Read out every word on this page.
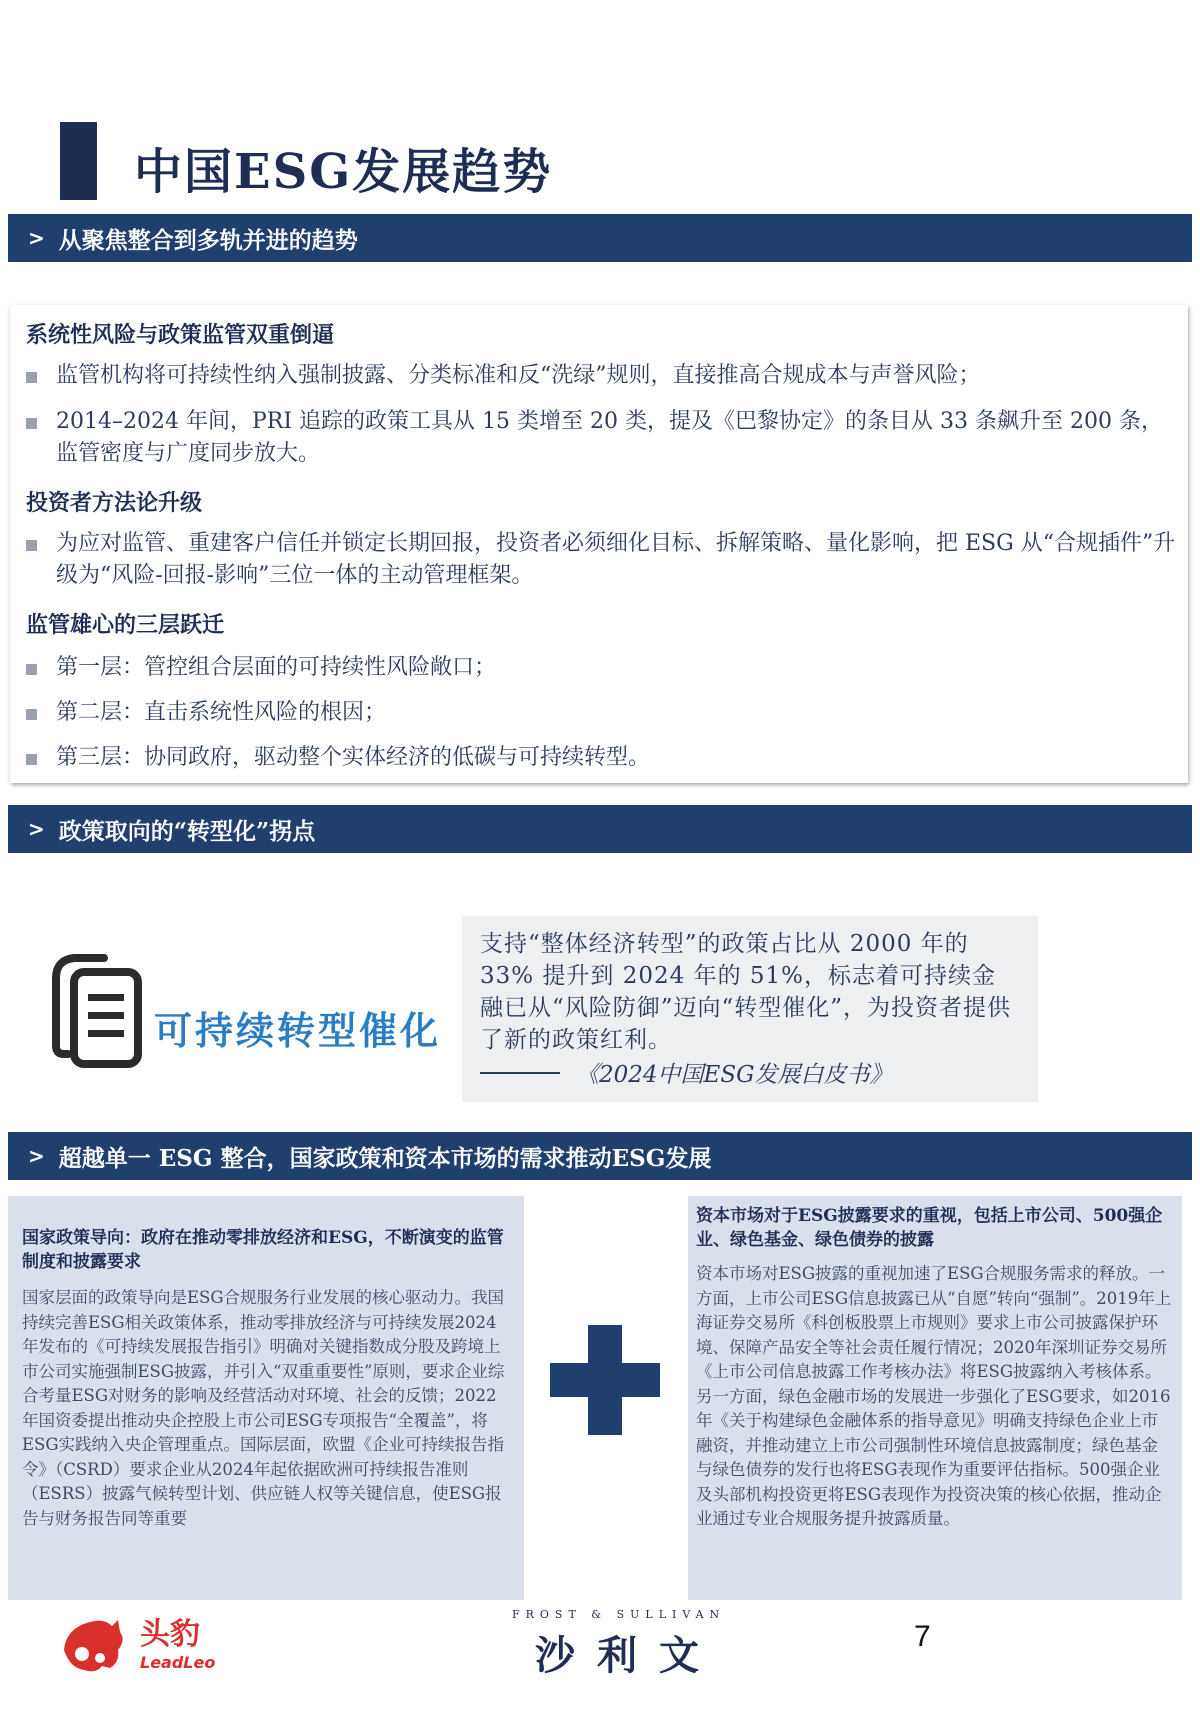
中国ESG发展趋势
> 从聚焦整合到多轨并进的趋势
系统性风险与政策监管双重倒逼
监管机构将可持续性纳入强制披露、分类标准和反“洗绿”规则，直接推高合规成本与声誉风险；
2014–2024 年间，PRI 追踪的政策工具从 15 类增至 20 类，提及《巴黎协定》的条目从 33 条飙升至 200 条，监管密度与广度同步放大。
投资者方法论升级
为应对监管、重建客户信任并锁定长期回报，投资者必须细化目标、拆解策略、量化影响，把 ESG 从“合规插件”升级为“风险-回报-影响”三位一体的主动管理框架。
监管雄心的三层跃迁
第一层：管控组合层面的可持续性风险敞口；
第二层：直击系统性风险的根因；
第三层：协同政府，驱动整个实体经济的低碳与可持续转型。
> 政策取向的“转型化”拐点
可持续转型催化
支持“整体经济转型”的政策占比从 2000 年的 33% 提升到 2024 年的 51%，标志着可持续金融已从“风险防御”迈向“转型催化”，为投资者提供了新的政策红利。
《2024中国ESG发展白皮书》
> 超越单一 ESG 整合，国家政策和资本市场的需求推动ESG发展
国家政策导向：政府在推动零排放经济和ESG，不断演变的监管制度和披露要求
国家层面的政策导向是ESG合规服务行业发展的核心驱动力。我国持续完善ESG相关政策体系，推动零排放经济与可持续发展2024年发布的《可持续发展报告指引》明确对关键指数成分股及跨境上市公司实施强制ESG披露，并引入“双重重要性”原则，要求企业综合考量ESG对财务的影响及经营活动对环境、社会的反馈；2022年国资委提出推动央企控股上市公司ESG专项报告“全覆盖”，将ESG实践纳入央企管理重点。国际层面，欧盟《企业可持续报告指令》（CSRD）要求企业从2024年起依据欧洲可持续报告准则（ESRS）披露气候转型计划、供应链人权等关键信息，使ESG报告与财务报告同等重要
资本市场对于ESG披露要求的重视，包括上市公司、500强企业、绿色基金、绿色债券的披露
资本市场对ESG披露的重视加速了ESG合规服务需求的释放。一方面，上市公司ESG信息披露已从“自愿”转向“强制”。2019年上海证券交易所《科创板股票上市规则》要求上市公司披露保护环境、保障产品安全等社会责任履行情况；2020年深圳证券交易所《上市公司信息披露工作考核办法》将ESG披露纳入考核体系。另一方面，绿色金融市场的发展进一步强化了ESG要求，如2016年《关于构建绿色金融体系的指导意见》明确支持绿色企业上市融资，并推动建立上市公司强制性环境信息披露制度；绿色基金与绿色债券的发行也将ESG表现作为重要评估指标。500强企业及头部机构投资更将ESG表现作为投资决策的核心依据，推动企业通过专业合规服务提升披露质量。
头豹
LeadLeo
FROST & SULLIVAN
沙利文	7
